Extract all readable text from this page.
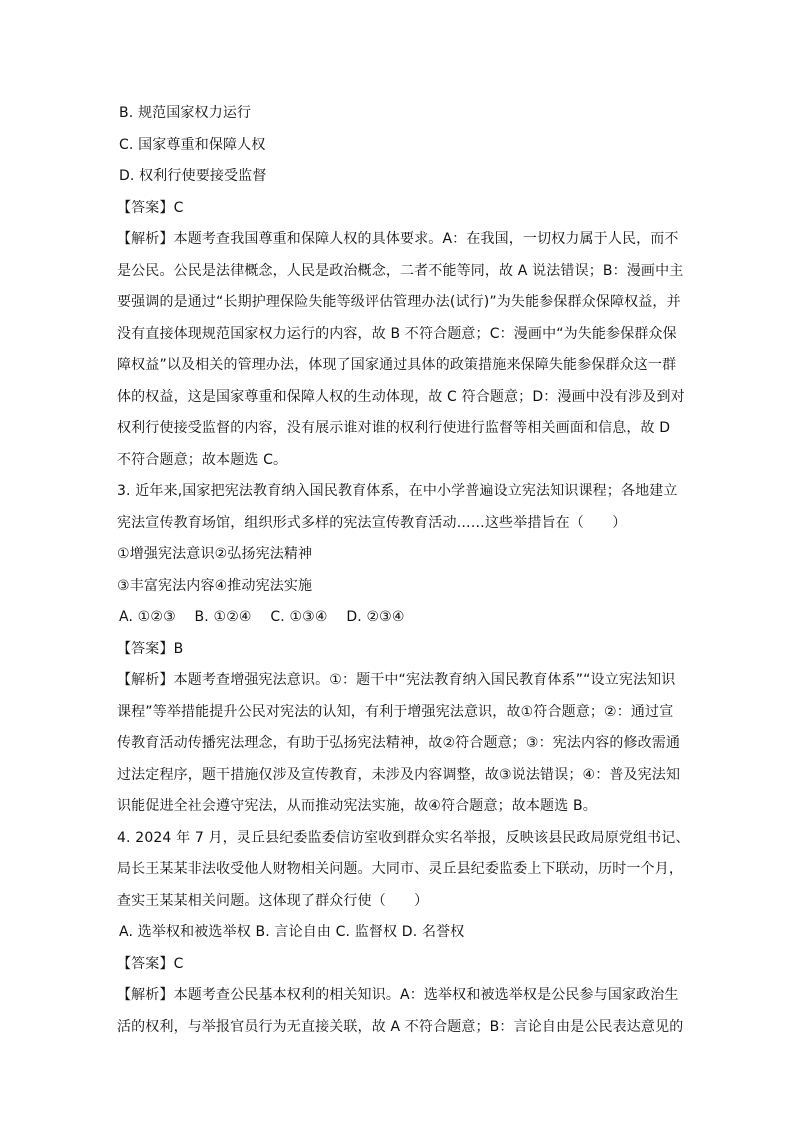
B. 规范国家权力运行
C. 国家尊重和保障人权
D. 权利行使要接受监督
【答案】C
【解析】本题考查我国尊重和保障人权的具体要求。A：在我国，一切权力属于人民，而不
是公民。公民是法律概念，人民是政治概念，二者不能等同，故 A 说法错误；B：漫画中主
要强调的是通过“长期护理保险失能等级评估管理办法(试行)”为失能参保群众保障权益，并
没有直接体现规范国家权力运行的内容，故 B 不符合题意；C：漫画中“为失能参保群众保
障权益”以及相关的管理办法，体现了国家通过具体的政策措施来保障失能参保群众这一群
体的权益，这是国家尊重和保障人权的生动体现，故 C 符合题意；D：漫画中没有涉及到对
权利行使接受监督的内容，没有展示谁对谁的权利行使进行监督等相关画面和信息，故 D
不符合题意；故本题选 C。
3. 近年来,国家把宪法教育纳入国民教育体系，在中小学普遍设立宪法知识课程；各地建立
宪法宣传教育场馆，组织形式多样的宪法宣传教育活动……这些举措旨在（　　）
①增强宪法意识②弘扬宪法精神
③丰富宪法内容④推动宪法实施
A. ①②③　 B. ①②④　 C. ①③④　 D. ②③④
【答案】B
【解析】本题考查增强宪法意识。①：题干中“宪法教育纳入国民教育体系”“设立宪法知识
课程”等举措能提升公民对宪法的认知，有利于增强宪法意识，故①符合题意；②：通过宣
传教育活动传播宪法理念，有助于弘扬宪法精神，故②符合题意；③：宪法内容的修改需通
过法定程序，题干措施仅涉及宣传教育，未涉及内容调整，故③说法错误；④：普及宪法知
识能促进全社会遵守宪法，从而推动宪法实施，故④符合题意；故本题选 B。
4. 2024 年 7 月，灵丘县纪委监委信访室收到群众实名举报，反映该县民政局原党组书记、
局长王某某非法收受他人财物相关问题。大同市、灵丘县纪委监委上下联动，历时一个月，
查实王某某相关问题。这体现了群众行使（　　）
A. 选举权和被选举权 B. 言论自由 C. 监督权 D. 名誉权
【答案】C
【解析】本题考查公民基本权利的相关知识。A：选举权和被选举权是公民参与国家政治生
活的权利，与举报官员行为无直接关联，故 A 不符合题意；B：言论自由是公民表达意见的
